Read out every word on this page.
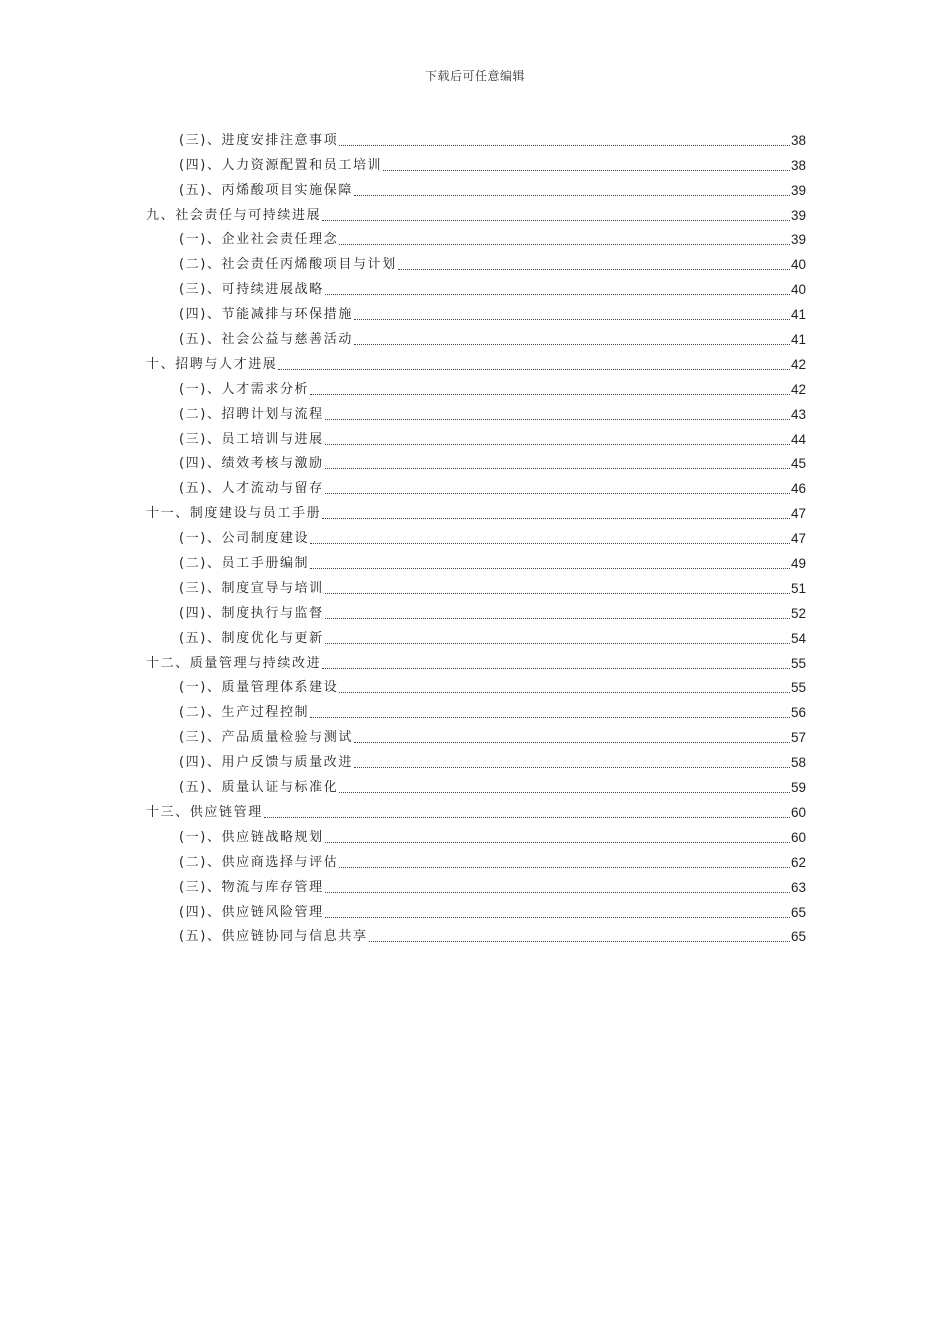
下载后可任意编辑
(三)、进度安排注意事项	38
(四)、人力资源配置和员工培训	38
(五)、丙烯酸项目实施保障	39
九、社会责任与可持续进展	39
(一)、企业社会责任理念	39
(二)、社会责任丙烯酸项目与计划	40
(三)、可持续进展战略	40
(四)、节能减排与环保措施	41
(五)、社会公益与慈善活动	41
十、招聘与人才进展	42
(一)、人才需求分析	42
(二)、招聘计划与流程	43
(三)、员工培训与进展	44
(四)、绩效考核与激励	45
(五)、人才流动与留存	46
十一、制度建设与员工手册	47
(一)、公司制度建设	47
(二)、员工手册编制	49
(三)、制度宣导与培训	51
(四)、制度执行与监督	52
(五)、制度优化与更新	54
十二、质量管理与持续改进	55
(一)、质量管理体系建设	55
(二)、生产过程控制	56
(三)、产品质量检验与测试	57
(四)、用户反馈与质量改进	58
(五)、质量认证与标准化	59
十三、供应链管理	60
(一)、供应链战略规划	60
(二)、供应商选择与评估	62
(三)、物流与库存管理	63
(四)、供应链风险管理	65
(五)、供应链协同与信息共享	65
